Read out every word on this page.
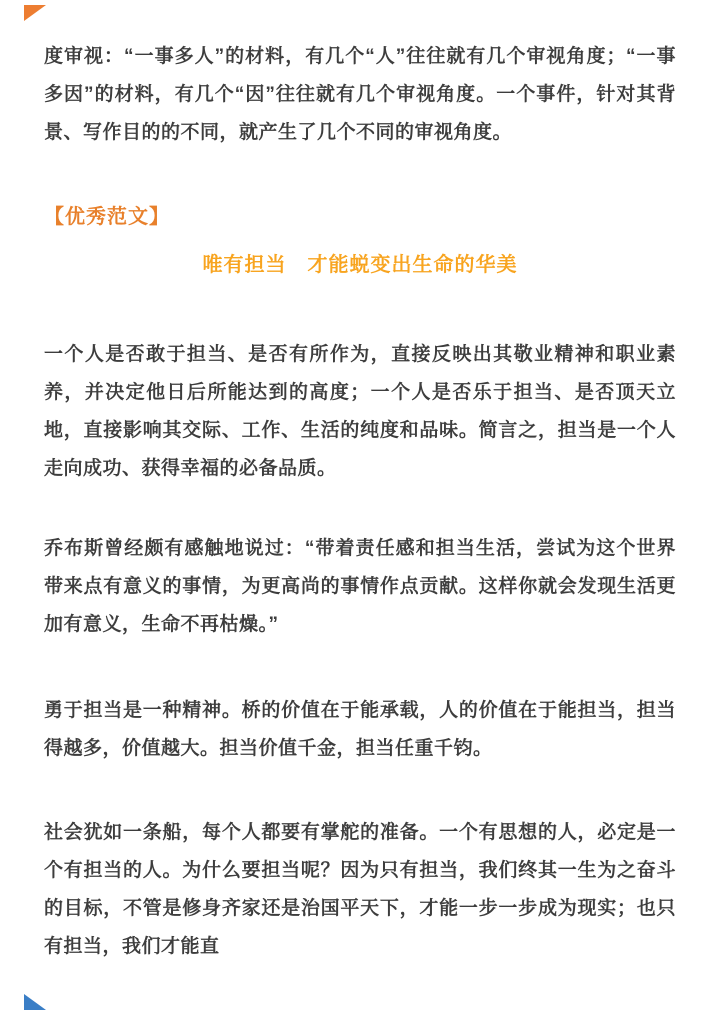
度审视：“一事多人”的材料，有几个“人”往往就有几个审视角度；“一事多因”的材料，有几个“因”往往就有几个审视角度。一个事件，针对其背景、写作目的的不同，就产生了几个不同的审视角度。

【优秀范文】
唯有担当　才能蜕变出生命的华美

一个人是否敢于担当、是否有所作为，直接反映出其敬业精神和职业素养，并决定他日后所能达到的高度；一个人是否乐于担当、是否顶天立地，直接影响其交际、工作、生活的纯度和品味。简言之，担当是一个人走向成功、获得幸福的必备品质。

乔布斯曾经颇有感触地说过：“带着责任感和担当生活，尝试为这个世界带来点有意义的事情，为更高尚的事情作点贡献。这样你就会发现生活更加有意义，生命不再枯燥。”

勇于担当是一种精神。桥的价值在于能承载，人的价值在于能担当，担当得越多，价值越大。担当价值千金，担当任重千钧。

社会犹如一条船，每个人都要有掌舵的准备。一个有思想的人，必定是一个有担当的人。为什么要担当呢？因为只有担当，我们终其一生为之奋斗的目标，不管是修身齐家还是治国平天下，才能一步一步成为现实；也只有担当，我们才能直
